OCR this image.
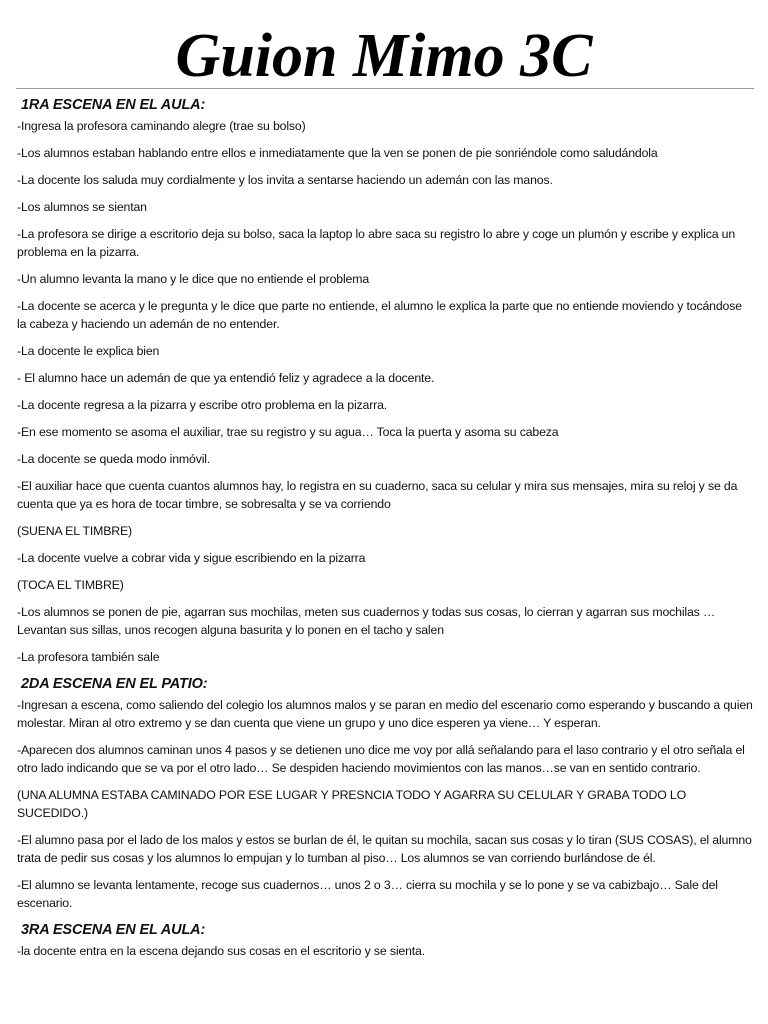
Guion Mimo 3C
1RA ESCENA EN EL AULA:
-Ingresa la profesora caminando alegre (trae su bolso)
-Los alumnos estaban hablando entre ellos e inmediatamente que la ven se ponen de pie sonriéndole como saludándola
-La docente los saluda muy cordialmente y los invita a sentarse haciendo un ademán con las manos.
-Los alumnos se sientan
-La profesora se dirige a escritorio deja su bolso, saca la laptop lo abre saca su registro lo abre y coge un plumón y escribe y explica un problema en la pizarra.
-Un alumno levanta la mano y le dice que no entiende el problema
-La docente se acerca y le pregunta y le dice que parte no entiende, el alumno le explica la parte que no entiende moviendo y tocándose la cabeza y haciendo un ademán de no entender.
-La docente le explica bien
- El alumno hace un ademán de que ya entendió feliz y agradece a la docente.
-La docente regresa a la pizarra y escribe otro problema en la pizarra.
-En ese momento se asoma el auxiliar, trae su registro y su agua… Toca la puerta y asoma su cabeza
-La docente se queda modo inmóvil.
-El auxiliar hace que cuenta cuantos alumnos hay, lo registra en su cuaderno, saca su celular y mira sus mensajes, mira su reloj y se da cuenta que ya es hora de tocar timbre, se sobresalta y se va corriendo
(SUENA EL TIMBRE)
-La docente vuelve a cobrar vida y sigue escribiendo en la pizarra
(TOCA EL TIMBRE)
-Los alumnos se ponen de pie, agarran sus mochilas, meten sus cuadernos y todas sus cosas, lo cierran y agarran sus mochilas … Levantan sus sillas, unos recogen alguna basurita y lo ponen en el tacho y salen
-La profesora también sale
2DA ESCENA EN EL PATIO:
-Ingresan a escena, como saliendo del colegio los alumnos malos y se paran en medio del escenario como esperando y buscando a quien molestar. Miran al otro extremo y se dan cuenta que viene un grupo y uno dice esperen ya viene… Y esperan.
-Aparecen dos alumnos caminan unos 4 pasos y se detienen uno dice me voy por allá señalando para el laso contrario y el otro señala el otro lado indicando que se va por el otro lado… Se despiden haciendo movimientos con las manos…se van en sentido contrario.
(UNA ALUMNA ESTABA CAMINADO POR ESE LUGAR Y PRESNCIA TODO Y AGARRA SU CELULAR Y GRABA TODO LO SUCEDIDO.)
-El alumno pasa por el lado de los malos y estos se burlan de él, le quitan su mochila, sacan sus cosas y lo tiran (SUS COSAS), el alumno trata de pedir sus cosas y los alumnos lo empujan y lo tumban al piso… Los alumnos se van corriendo burlándose de él.
-El alumno se levanta lentamente, recoge sus cuadernos… unos 2 o 3… cierra su mochila y se lo pone y se va cabizbajo… Sale del escenario.
3RA ESCENA EN EL AULA:
-la docente entra en la escena dejando sus cosas en el escritorio y se sienta.
